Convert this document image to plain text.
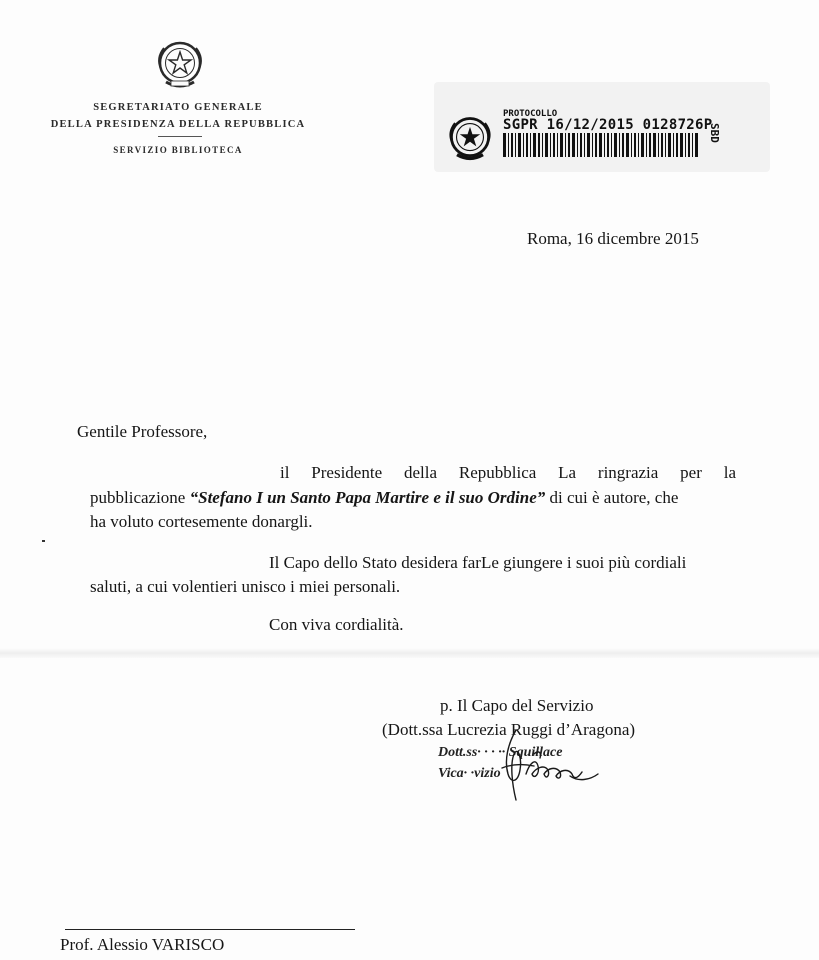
SEGRETARIATO GENERALE
DELLA PRESIDENZA DELLA REPUBBLICA
SERVIZIO BIBLIOTECA
PROTOCOLLO
SGPR 16/12/2015 0128726P
SBD
Roma, 16 dicembre 2015
Gentile Professore,
il Presidente della Repubblica La ringrazia per la
pubblicazione “Stefano I un Santo Papa Martire e il suo Ordine” di cui è autore, che
ha voluto cortesemente donargli.
Il Capo dello Stato desidera farLe giungere i suoi più cordiali
saluti, a cui volentieri unisco i miei personali.
Con viva cordialità.
p. Il Capo del Servizio
(Dott.ssa Lucrezia Ruggi d’Aragona)
Dott.ss· · · ·· Squillace
Vica· ·vizio
Prof. Alessio VARISCO
